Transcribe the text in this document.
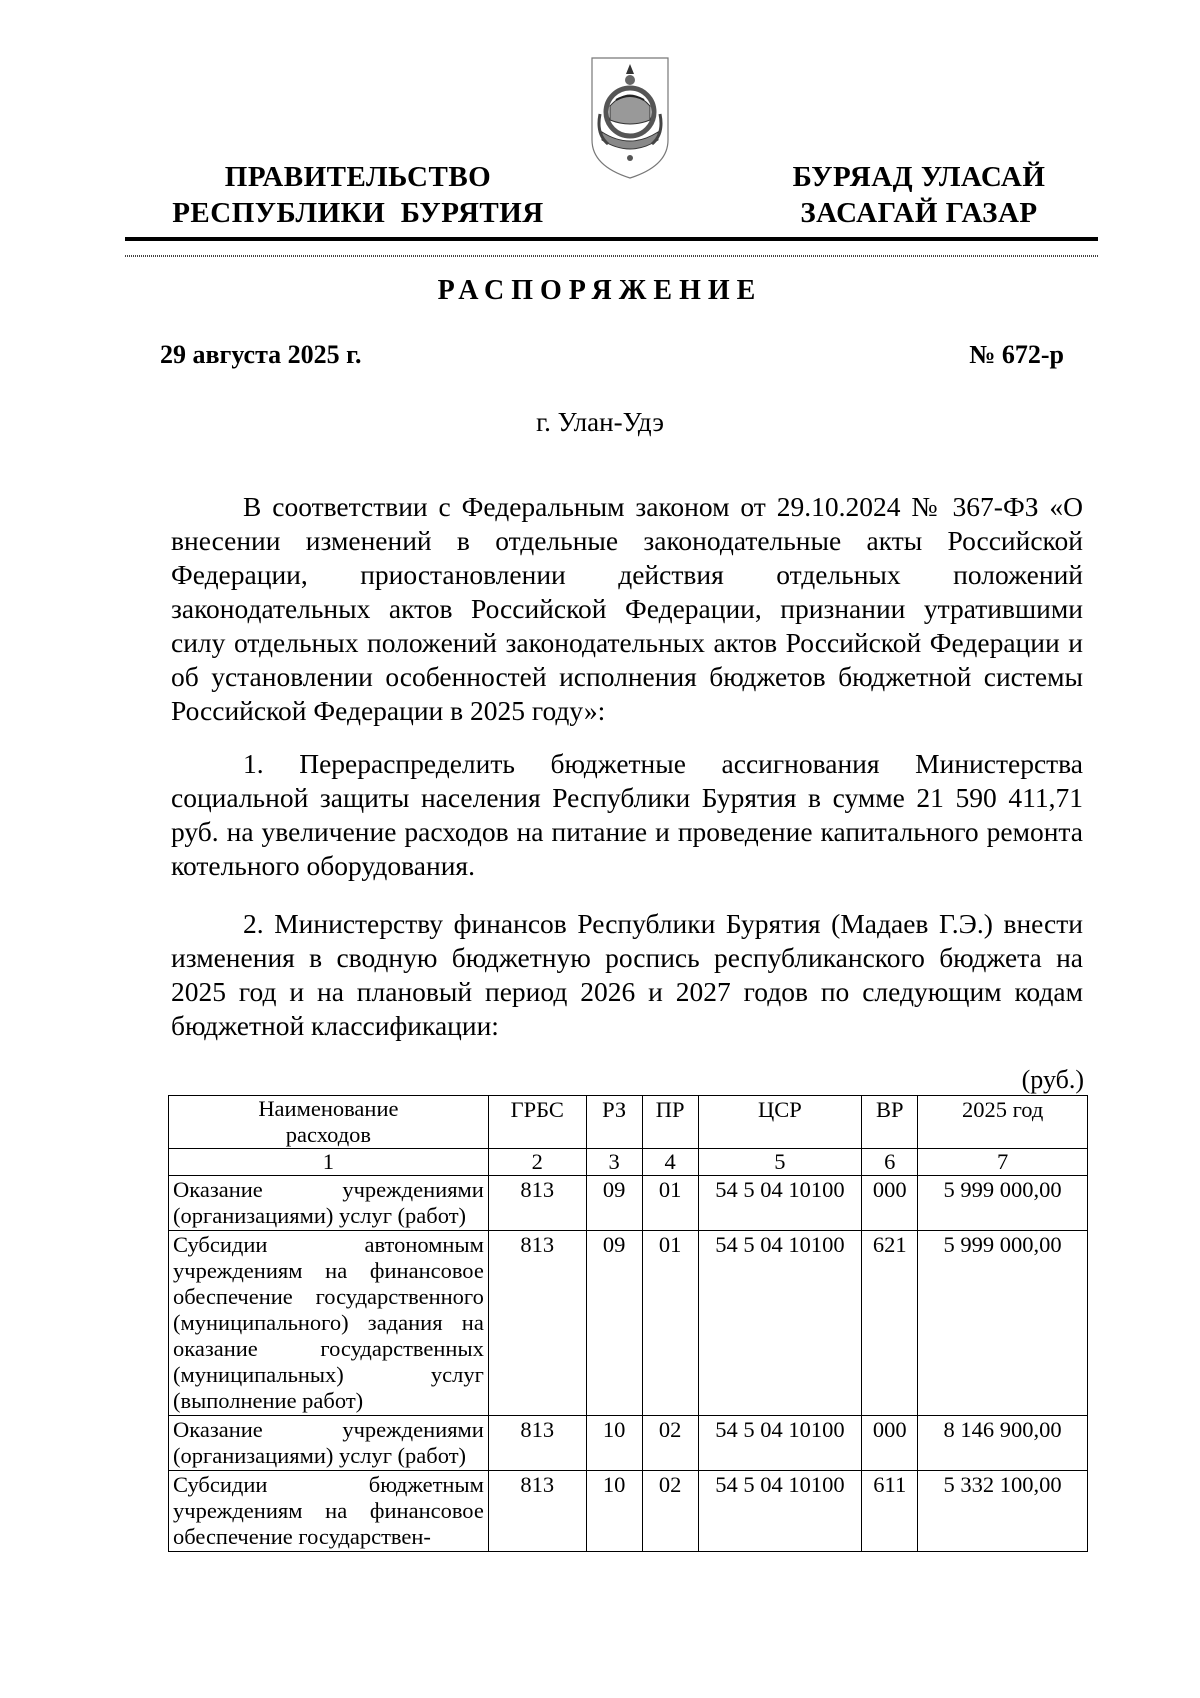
ПРАВИТЕЛЬСТВО
РЕСПУБЛИКИ  БУРЯТИЯ
БУРЯАД УЛАСАЙ
ЗАСАГАЙ ГАЗАР
РАСПОРЯЖЕНИЕ
29 августа 2025 г.	№ 672-р
г. Улан-Удэ

В соответствии с Федеральным законом от 29.10.2024 № 367-ФЗ «О внесении изменений в отдельные законодательные акты Российской Федерации, приостановлении действия отдельных положений законодательных актов Российской Федерации, признании утратившими силу отдельных положений законодательных актов Российской Федерации и об установлении особенностей исполнения бюджетов бюджетной системы Российской Федерации в 2025 году»:

1. Перераспределить бюджетные ассигнования Министерства социальной защиты населения Республики Бурятия в сумме 21 590 411,71 руб. на увеличение расходов на питание и проведение капитального ремонта котельного оборудования.

2. Министерству финансов Республики Бурятия (Мадаев Г.Э.) внести изменения в сводную бюджетную роспись республиканского бюджета на 2025 год и на плановый период 2026 и 2027 годов по следующим кодам бюджетной классификации:

(руб.)
Наименование расходов	ГРБС	РЗ	ПР	ЦСР	ВР	2025 год
1	2	3	4	5	6	7
Оказание учреждениями (организациями) услуг (работ)	813	09	01	54 5 04 10100	000	5 999 000,00
Субсидии автономным учреждениям на финансовое обеспечение государственного (муниципального) задания на оказание государственных (муниципальных) услуг (выполнение работ)	813	09	01	54 5 04 10100	621	5 999 000,00
Оказание учреждениями (организациями) услуг (работ)	813	10	02	54 5 04 10100	000	8 146 900,00
Субсидии бюджетным учреждениям на финансовое обеспечение государствен-	813	10	02	54 5 04 10100	611	5 332 100,00
